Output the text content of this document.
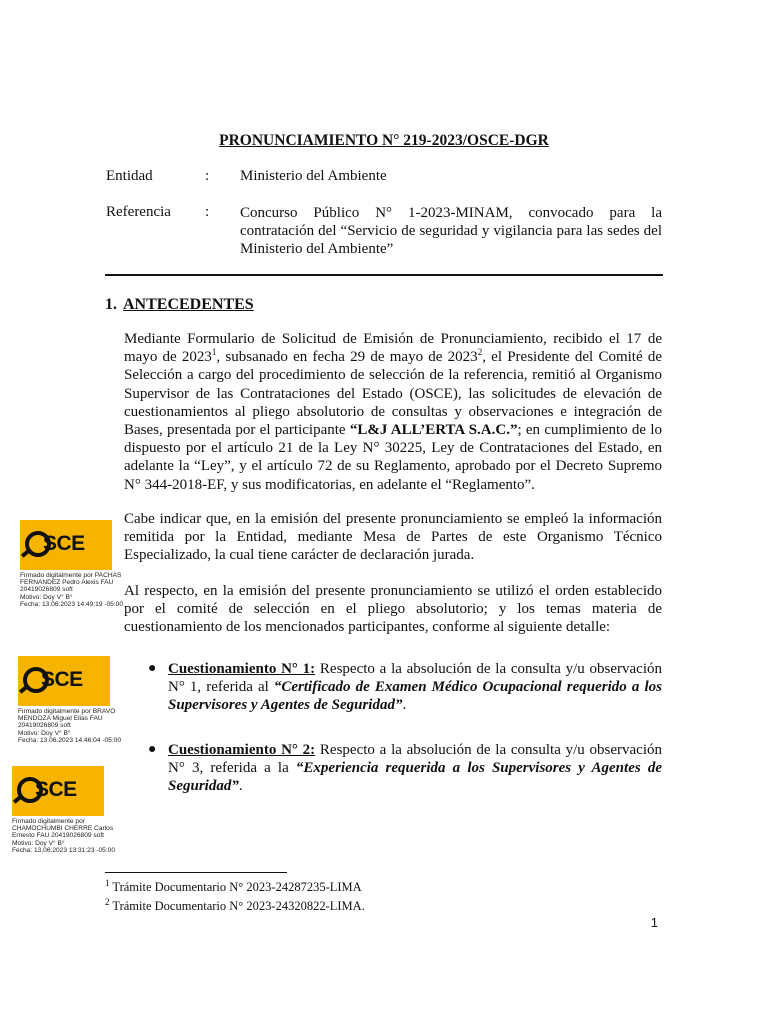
PRONUNCIAMIENTO N° 219-2023/OSCE-DGR
Entidad	: Ministerio del Ambiente
Referencia : Concurso Público N° 1-2023-MINAM, convocado para la contratación del “Servicio de seguridad y vigilancia para las sedes del Ministerio del Ambiente”
1. ANTECEDENTES
Mediante Formulario de Solicitud de Emisión de Pronunciamiento, recibido el 17 de mayo de 2023$^1$, subsanado en fecha 29 de mayo de 2023$^2$, el Presidente del Comité de Selección a cargo del procedimiento de selección de la referencia, remitió al Organismo Supervisor de las Contrataciones del Estado (OSCE), las solicitudes de elevación de cuestionamientos al pliego absolutorio de consultas y observaciones e integración de Bases, presentada por el participante “L&J ALL’ERTA S.A.C.”; en cumplimiento de lo dispuesto por el artículo 21 de la Ley N° 30225, Ley de Contrataciones del Estado, en adelante la “Ley”, y el artículo 72 de su Reglamento, aprobado por el Decreto Supremo N° 344-2018-EF, y sus modificatorias, en adelante el “Reglamento”.
Cabe indicar que, en la emisión del presente pronunciamiento se empleó la información remitida por la Entidad, mediante Mesa de Partes de este Organismo Técnico Especializado, la cual tiene carácter de declaración jurada.
Al respecto, en la emisión del presente pronunciamiento se utilizó el orden establecido por el comité de selección en el pliego absolutorio; y los temas materia de cuestionamiento de los mencionados participantes, conforme al siguiente detalle:
● Cuestionamiento N° 1: Respecto a la absolución de la consulta y/u observación N° 1, referida al “Certificado de Examen Médico Ocupacional requerido a los Supervisores y Agentes de Seguridad”.
● Cuestionamiento N° 2: Respecto a la absolución de la consulta y/u observación N° 3, referida a la “Experiencia requerida a los Supervisores y Agentes de Seguridad”.
SCE
Firmado digitalmente por PACHAS
FERNANDEZ Pedro Alexis FAU
20419026809 soft
Motivo: Doy V° B°
Fecha: 13.06.2023 14:49:19 -05:00
SCE
Firmado digitalmente por BRAVO
MENDOZA Miguel Elias FAU
20419026809 soft
Motivo: Doy V° B°
Fecha: 13.06.2023 14:46:04 -05:00
SCE
Firmado digitalmente por
CHAMOCHUMBI CHERRE Carlos
Ernesto FAU 20419026809 soft
Motivo: Doy V° B°
Fecha: 13.06.2023 13:31:23 -05:00
$^1$ Trámite Documentario N° 2023-24287235-LIMA
$^2$ Trámite Documentario N° 2023-24320822-LIMA.
1
